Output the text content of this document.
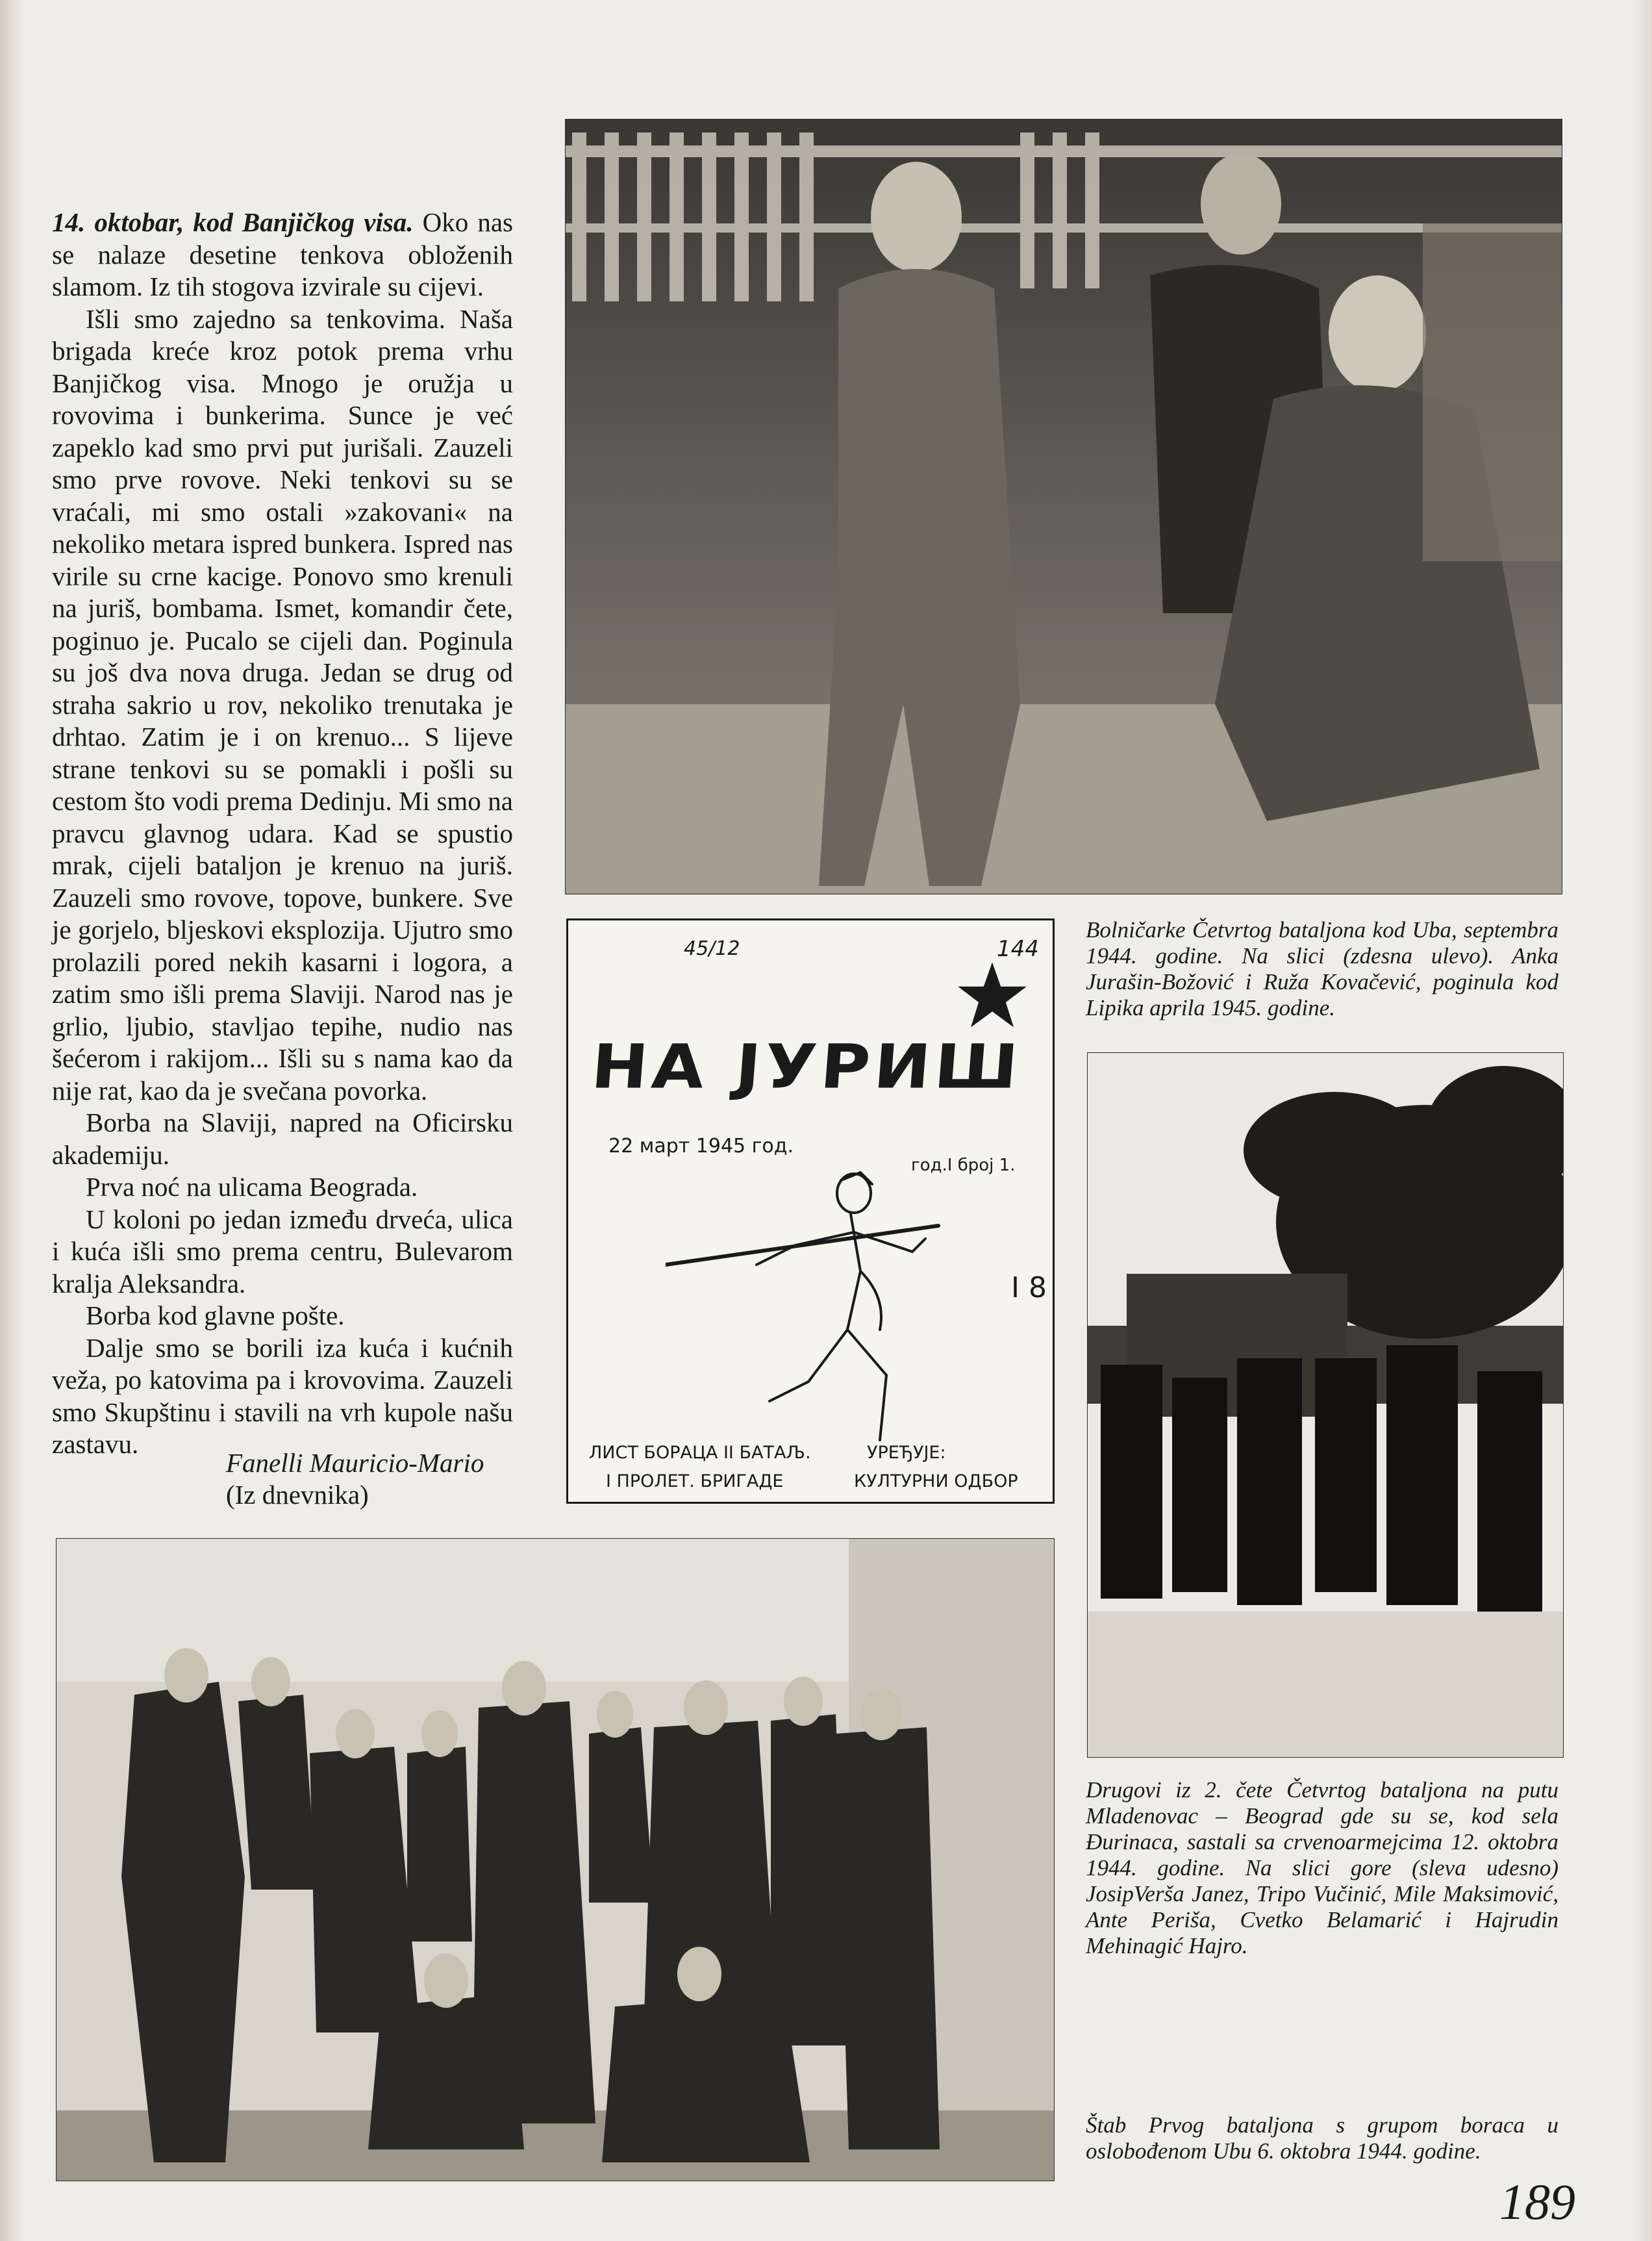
14. oktobar, kod Banjičkog visa. Oko nas se nalaze desetine tenkova obloženih slamom. Iz tih stogova izvirale su cijevi.

Išli smo zajedno sa tenkovima. Naša brigada kreće kroz potok prema vrhu Banjičkog visa. Mnogo je oružja u rovovima i bunkerima. Sunce je već zapeklo kad smo prvi put jurišali. Zauzeli smo prve rovove. Neki tenkovi su se vraćali, mi smo ostali »zakovani« na nekoliko metara ispred bunkera. Ispred nas virile su crne kacige. Ponovo smo krenuli na juriš, bombama. Ismet, komandir čete, poginuo je. Pucalo se cijeli dan. Poginula su još dva nova druga. Jedan se drug od straha sakrio u rov, nekoliko trenutaka je drhtao. Zatim je i on krenuo... S lijeve strane tenkovi su se pomakli i pošli su cestom što vodi prema Dedinju. Mi smo na pravcu glavnog udara. Kad se spustio mrak, cijeli bataljon je krenuo na juriš. Zauzeli smo rovove, topove, bunkere. Sve je gorjelo, bljeskovi eksplozija. Ujutro smo prolazili pored nekih kasarni i logora, a zatim smo išli prema Slaviji. Narod nas je grlio, ljubio, stavljao tepihe, nudio nas šećerom i rakijom... Išli su s nama kao da nije rat, kao da je svečana povorka.

Borba na Slaviji, napred na Oficirsku akademiju.

Prva noć na ulicama Beograda.

U koloni po jedan između drveća, ulica i kuća išli smo prema centru, Bulevarom kralja Aleksandra.

Borba kod glavne pošte.

Dalje smo se borili iza kuća i kućnih veža, po katovima pa i krovovima. Zauzeli smo Skupštinu i stavili na vrh kupole našu zastavu.

Fanelli Mauricio-Mario
(Iz dnevnika)
Bolničarke Četvrtog bataljona kod Uba, septembra 1944. godine. Na slici (zdesna ulevo). Anka Jurašin-Božović i Ruža Kovačević, poginula kod Lipika aprila 1945. godine.
45/12	144
НА ЈУРИШ
22 март 1945 год.
год.I број 1.
I 8
ЛИСТ БОРАЦА II БАТАЉ.
I ПРОЛЕТ. БРИГАДЕ
УРЕЂУЈЕ:
КУЛТУРНИ ОДБОР
Drugovi iz 2. čete Četvrtog bataljona na putu Mladenovac – Beograd gde su se, kod sela Đurinaca, sastali sa crvenoarmejcima 12. oktobra 1944. godine. Na slici gore (sleva udesno) JosipVerša Janez, Tripo Vučinić, Mile Maksimović, Ante Periša, Cvetko Belamarić i Hajrudin Mehinagić Hajro.
Štab Prvog bataljona s grupom boraca u oslobođenom Ubu 6. oktobra 1944. godine.
189
